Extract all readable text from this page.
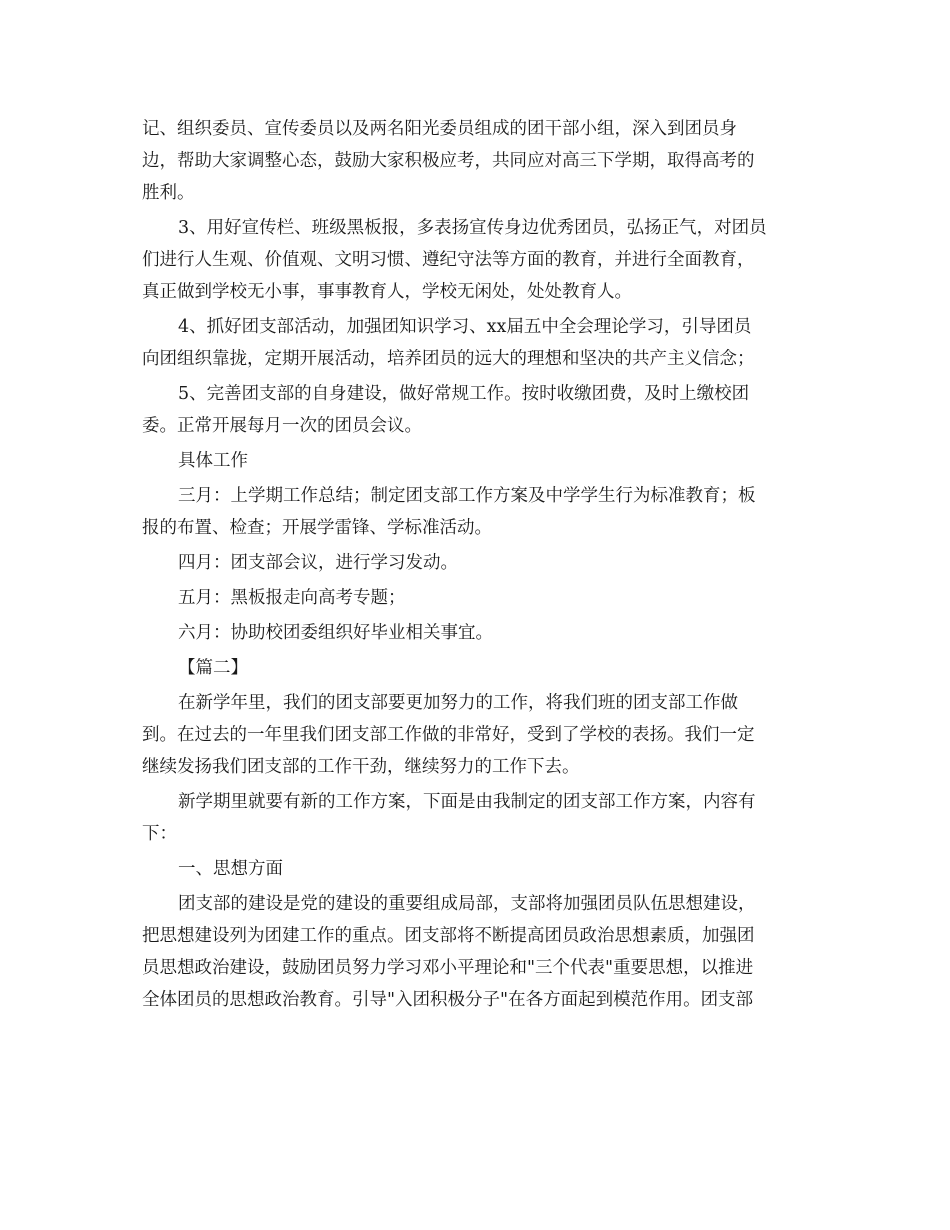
记、组织委员、宣传委员以及两名阳光委员组成的团干部小组，深入到团员身
边，帮助大家调整心态，鼓励大家积极应考，共同应对高三下学期，取得高考的
胜利。
3、用好宣传栏、班级黑板报，多表扬宣传身边优秀团员，弘扬正气，对团员
们进行人生观、价值观、文明习惯、遵纪守法等方面的教育，并进行全面教育，
真正做到学校无小事，事事教育人，学校无闲处，处处教育人。
4、抓好团支部活动，加强团知识学习、xx届五中全会理论学习，引导团员
向团组织靠拢，定期开展活动，培养团员的远大的理想和坚决的共产主义信念；
5、完善团支部的自身建设，做好常规工作。按时收缴团费，及时上缴校团
委。正常开展每月一次的团员会议。
具体工作
三月：上学期工作总结；制定团支部工作方案及中学学生行为标准教育；板
报的布置、检查；开展学雷锋、学标准活动。
四月：团支部会议，进行学习发动。
五月：黑板报走向高考专题；
六月：协助校团委组织好毕业相关事宜。
【篇二】
在新学年里，我们的团支部要更加努力的工作，将我们班的团支部工作做
到。在过去的一年里我们团支部工作做的非常好，受到了学校的表扬。我们一定
继续发扬我们团支部的工作干劲，继续努力的工作下去。
新学期里就要有新的工作方案，下面是由我制定的团支部工作方案，内容有
下：
一、思想方面
团支部的建设是党的建设的重要组成局部，支部将加强团员队伍思想建设，
把思想建设列为团建工作的重点。团支部将不断提高团员政治思想素质，加强团
员思想政治建设，鼓励团员努力学习邓小平理论和"三个代表"重要思想，以推进
全体团员的思想政治教育。引导"入团积极分子"在各方面起到模范作用。团支部
